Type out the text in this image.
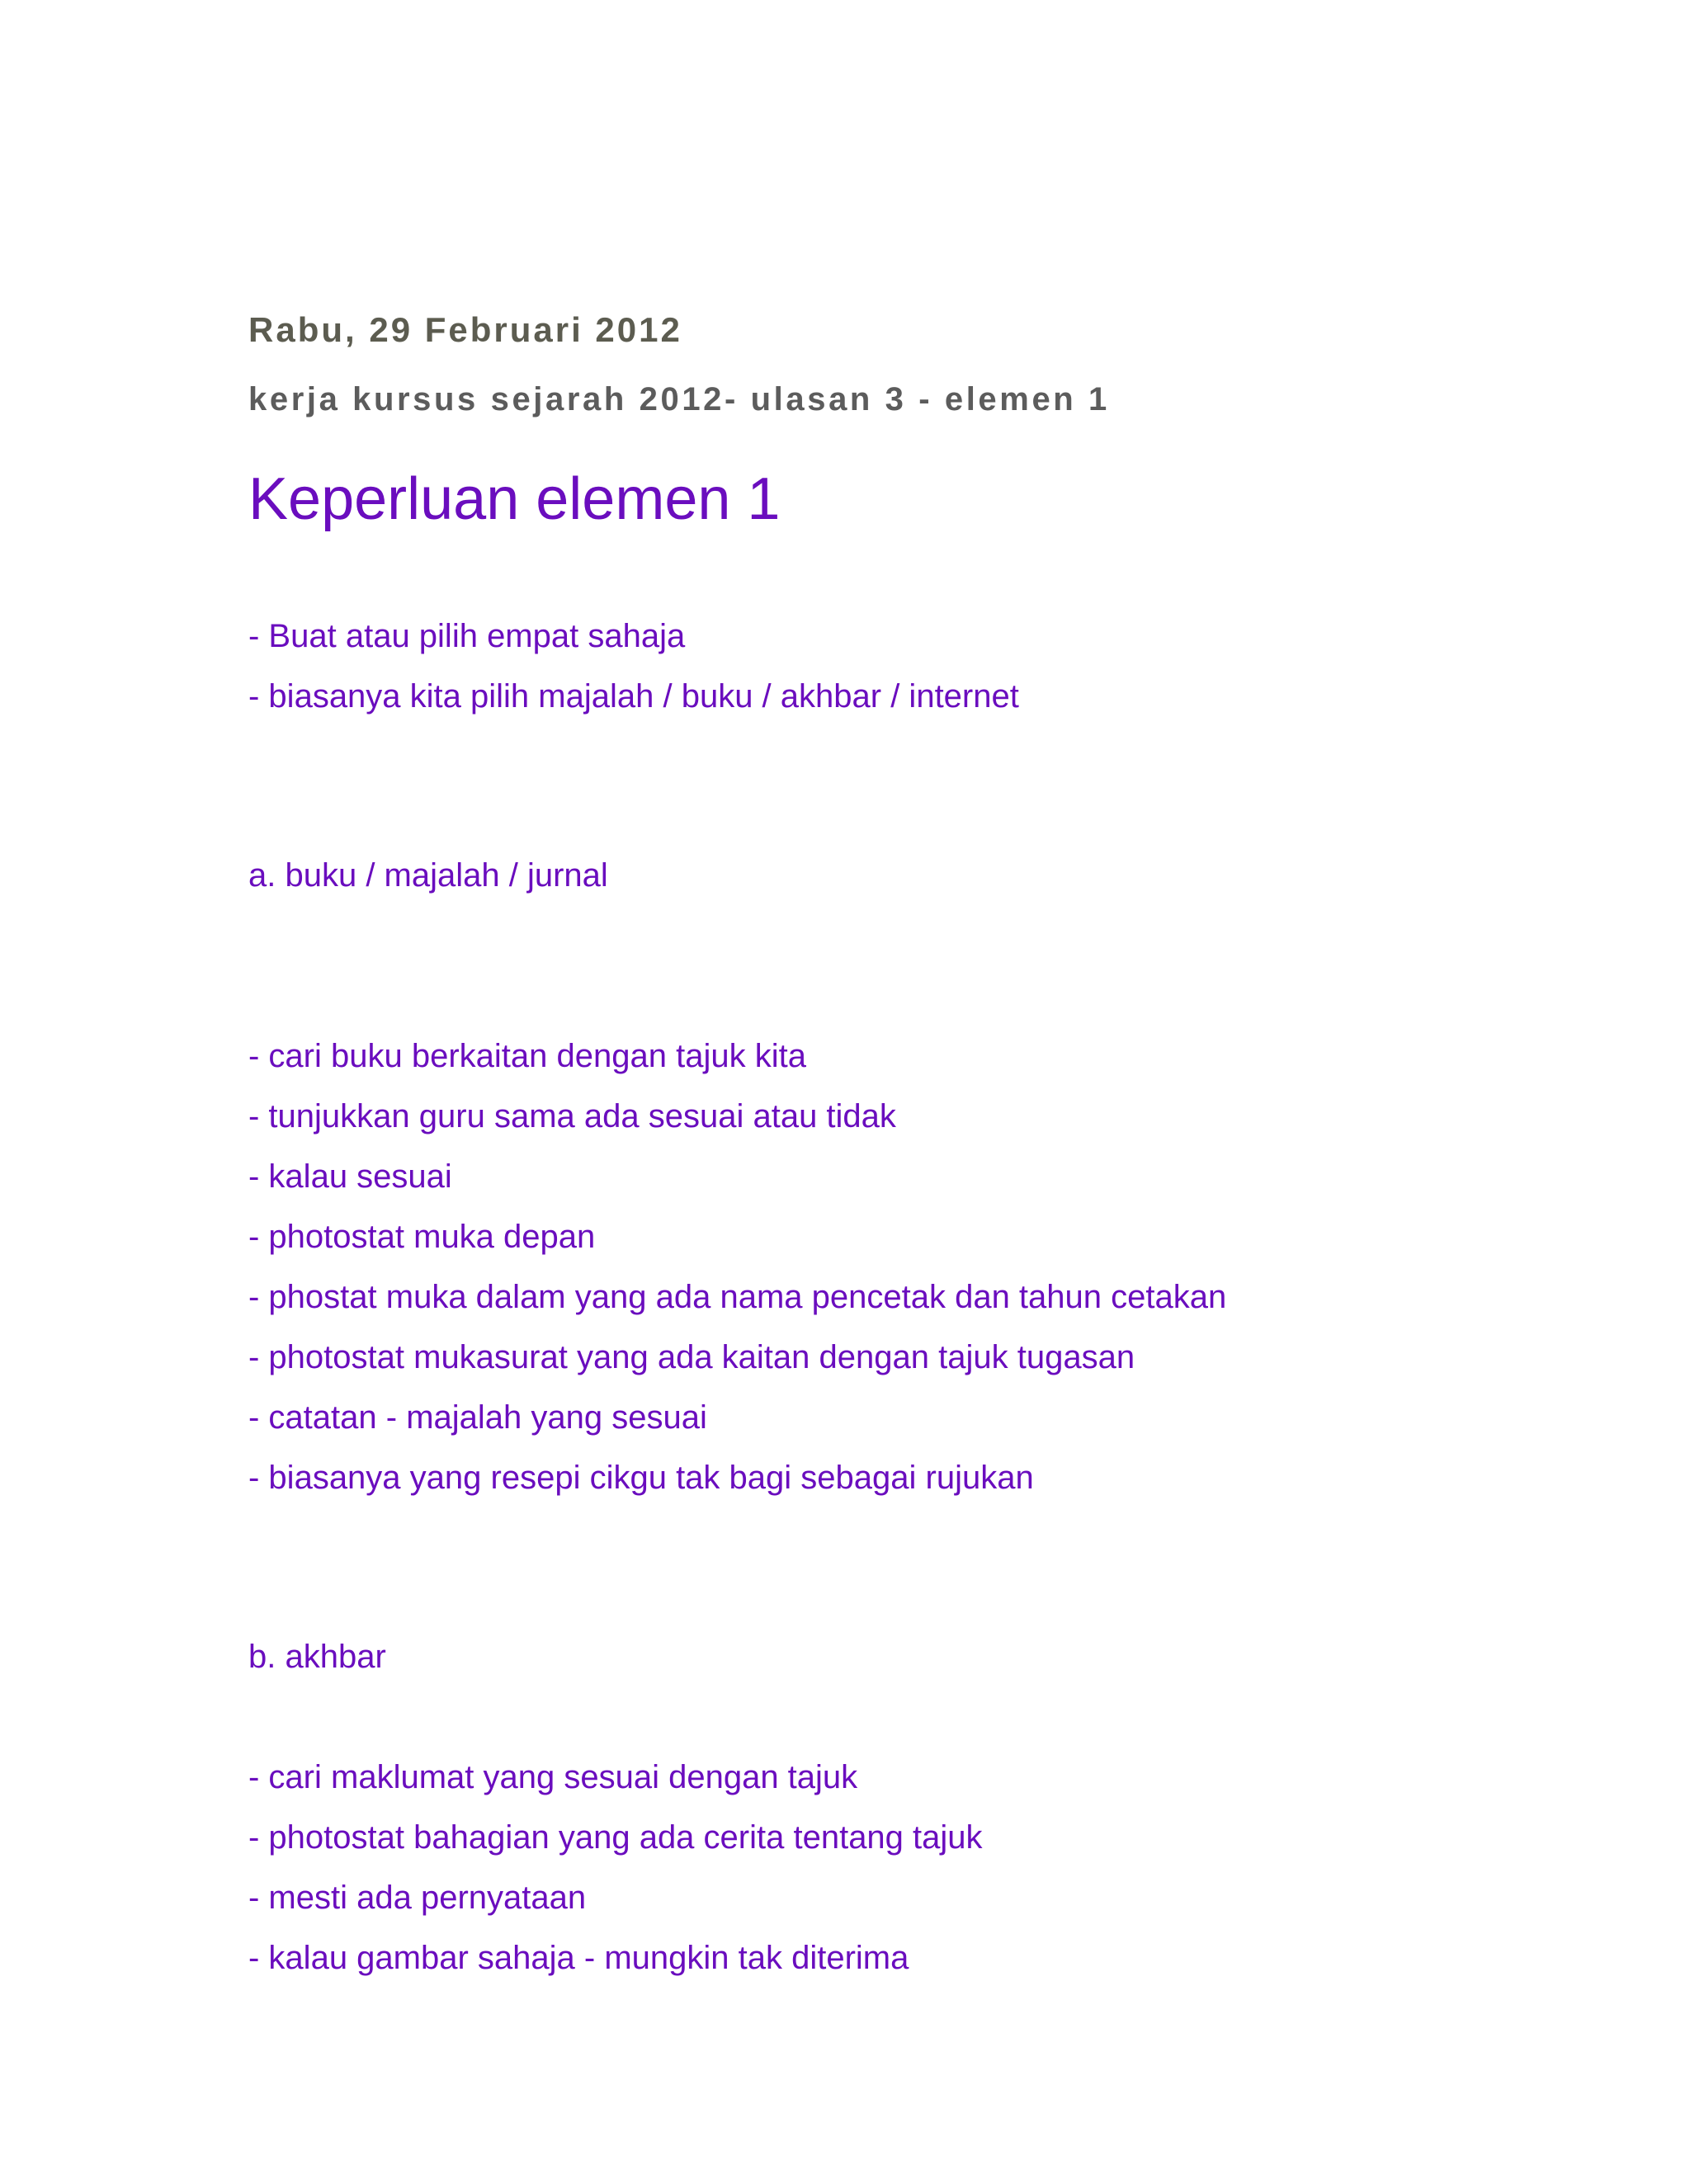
Rabu, 29 Februari 2012
kerja kursus sejarah 2012- ulasan 3 - elemen 1
Keperluan elemen 1

- Buat atau pilih empat sahaja

- biasanya kita pilih majalah / buku / akhbar / internet

a. buku / majalah / jurnal

- cari buku berkaitan dengan tajuk kita

- tunjukkan guru sama ada sesuai atau tidak

- kalau sesuai

- photostat muka depan

- phostat muka dalam yang ada nama pencetak dan tahun cetakan

- photostat mukasurat yang ada kaitan dengan tajuk tugasan

- catatan - majalah yang sesuai

- biasanya yang resepi cikgu tak bagi sebagai rujukan

b. akhbar

- cari maklumat yang sesuai dengan tajuk

- photostat bahagian yang ada cerita tentang tajuk

- mesti ada pernyataan

- kalau gambar sahaja - mungkin tak diterima
